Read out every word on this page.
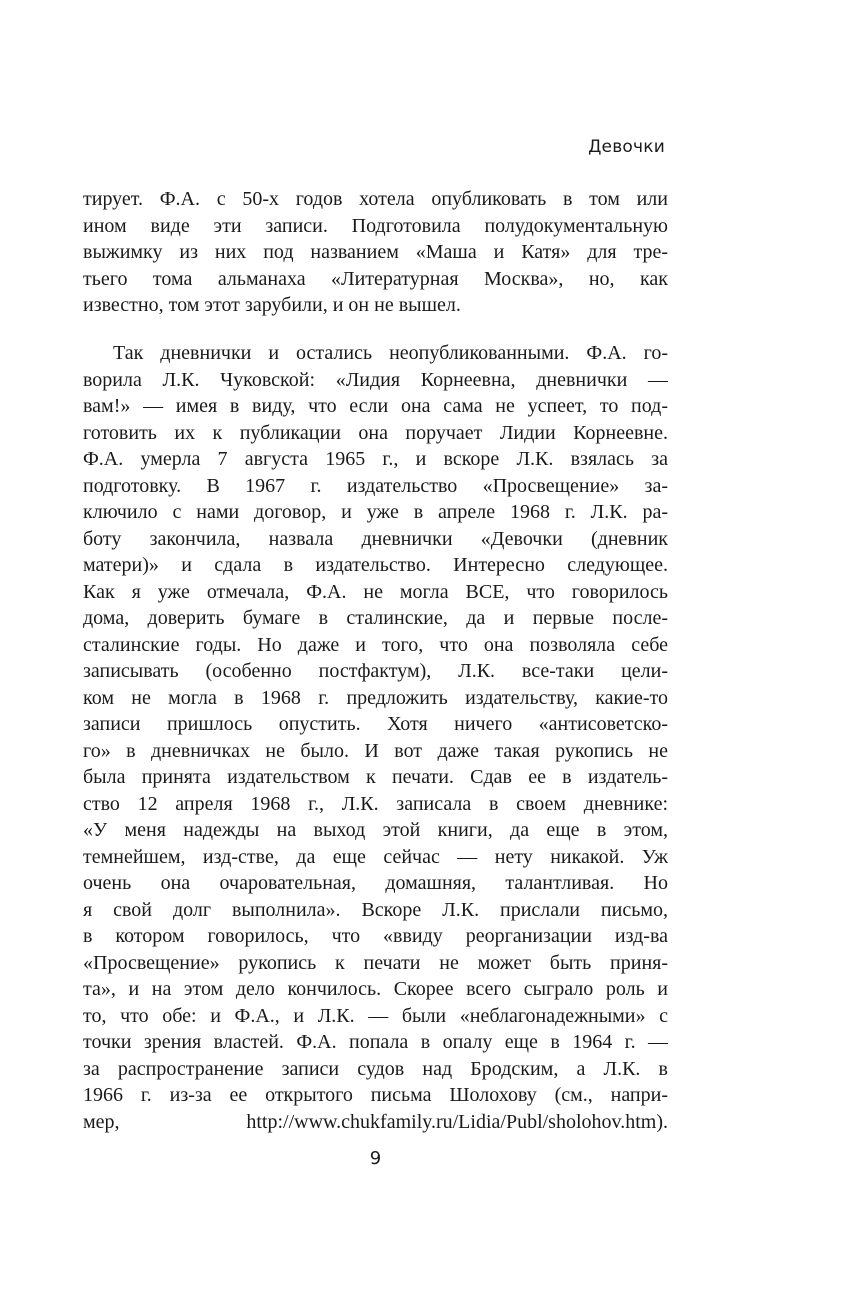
Девочки
тирует. Ф.А. с 50-х годов хотела опубликовать в том или
ином виде эти записи. Подготовила полудокументальную
выжимку из них под названием «Маша и Катя» для тре-
тьего тома альманаха «Литературная Москва», но, как
известно, том этот зарубили, и он не вышел.
Так дневнички и остались неопубликованными. Ф.А. го-
ворила Л.К. Чуковской: «Лидия Корнеевна, дневнички —
вам!» — имея в виду, что если она сама не успеет, то под-
готовить их к публикации она поручает Лидии Корнеевне.
Ф.А. умерла 7 августа 1965 г., и вскоре Л.К. взялась за
подготовку. В 1967 г. издательство «Просвещение» за-
ключило с нами договор, и уже в апреле 1968 г. Л.К. ра-
боту закончила, назвала дневнички «Девочки (дневник
матери)» и сдала в издательство. Интересно следующее.
Как я уже отмечала, Ф.А. не могла ВСЕ, что говорилось
дома, доверить бумаге в сталинские, да и первые после-
сталинские годы. Но даже и того, что она позволяла себе
записывать (особенно постфактум), Л.К. все-таки цели-
ком не могла в 1968 г. предложить издательству, какие-то
записи пришлось опустить. Хотя ничего «антисоветско-
го» в дневничках не было. И вот даже такая рукопись не
была принята издательством к печати. Сдав ее в издатель-
ство 12 апреля 1968 г., Л.К. записала в своем дневнике:
«У меня надежды на выход этой книги, да еще в этом,
темнейшем, изд-стве, да еще сейчас — нету никакой. Уж
очень она очаровательная, домашняя, талантливая. Но
я свой долг выполнила». Вскоре Л.К. прислали письмо,
в котором говорилось, что «ввиду реорганизации изд-ва
«Просвещение» рукопись к печати не может быть приня-
та», и на этом дело кончилось. Скорее всего сыграло роль и
то, что обе: и Ф.А., и Л.К. — были «неблагонадежными» с
точки зрения властей. Ф.А. попала в опалу еще в 1964 г. —
за распространение записи судов над Бродским, а Л.К. в
1966 г. из-за ее открытого письма Шолохову (см., напри-
мер, http://www.chukfamily.ru/Lidia/Publ/sholohov.htm).
9
